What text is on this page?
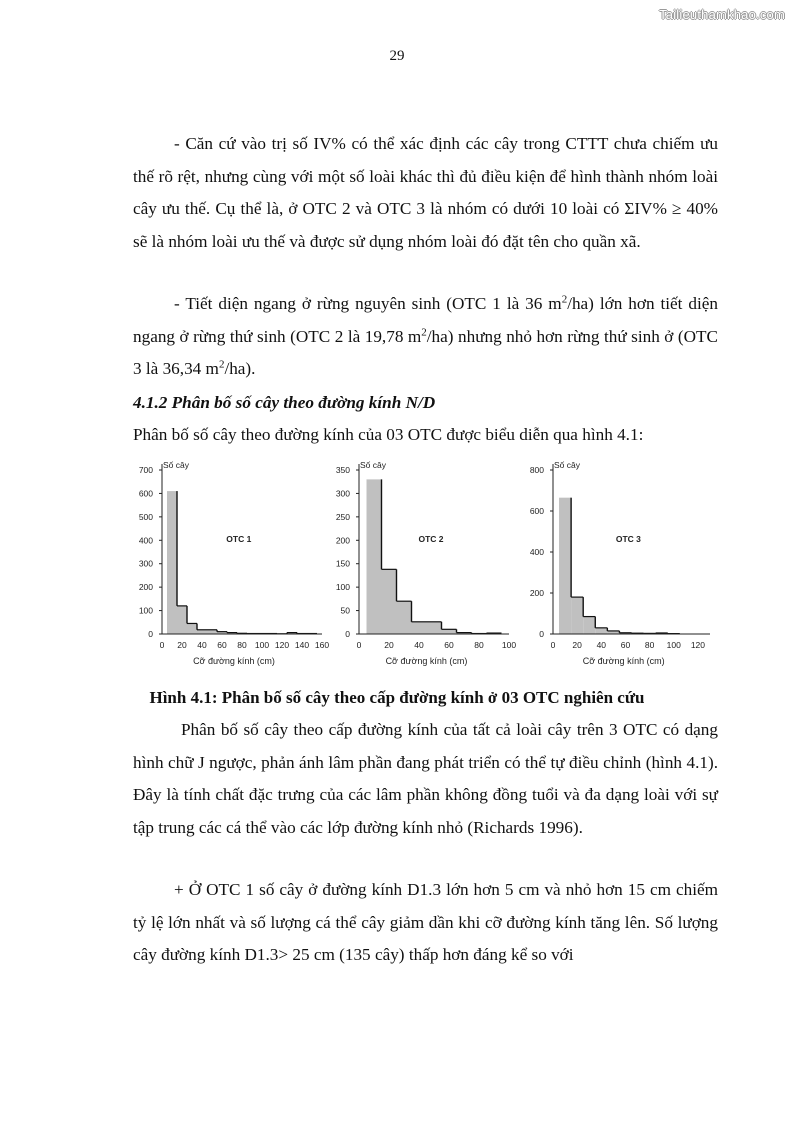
Tailieuthamkhao.com
29

- Căn cứ vào trị số IV% có thể xác định các cây trong CTTT chưa chiếm ưu thế rõ rệt, nhưng cùng với một số loài khác thì đủ điều kiện để hình thành nhóm loài cây ưu thế. Cụ thể là, ở OTC 2 và OTC 3 là nhóm có dưới 10 loài có ΣIV% ≥ 40% sẽ là nhóm loài ưu thế và được sử dụng nhóm loài đó đặt tên cho quần xã.

- Tiết diện ngang ở rừng nguyên sinh (OTC 1 là 36 $m^2/ha$) lớn hơn tiết diện ngang ở rừng thứ sinh (OTC 2 là 19,78 $m^2/ha$) nhưng nhỏ hơn rừng thứ sinh ở (OTC 3 là 36,34 $m^2/ha$).

4.1.2 Phân bố số cây theo đường kính N/D

Phân bố số cây theo đường kính của 03 OTC được biểu diễn qua hình 4.1:

0
100
200
300
400
500
600
700
0 20 40 60 80 100 120 140 160
Số cây
Cỡ đường kính (cm)
OTC 1
0
50
100
150
200
250
300
350
0	20 40 60 80 100
Số cây
Cỡ đường kính (cm)
OTC 2
0
200
400
600
800
0 20 40 60 80 100 120
Số cây
Cỡ đường kính (cm)
OTC 3

Hình 4.1: Phân bố số cây theo cấp đường kính ở 03 OTC nghiên cứu

Phân bố số cây theo cấp đường kính của tất cả loài cây trên 3 OTC có dạng hình chữ J ngược, phản ánh lâm phần đang phát triển có thể tự điều chỉnh (hình 4.1). Đây là tính chất đặc trưng của các lâm phần không đồng tuổi và đa dạng loài với sự tập trung các cá thể vào các lớp đường kính nhỏ (Richards 1996).

+ Ở OTC 1 số cây ở đường kính D1.3 lớn hơn 5 cm và nhỏ hơn 15 cm chiếm tỷ lệ lớn nhất và số lượng cá thể cây giảm dần khi cỡ đường kính tăng lên. Số lượng cây đường kính D1.3> 25 cm (135 cây) thấp hơn đáng kể so với
